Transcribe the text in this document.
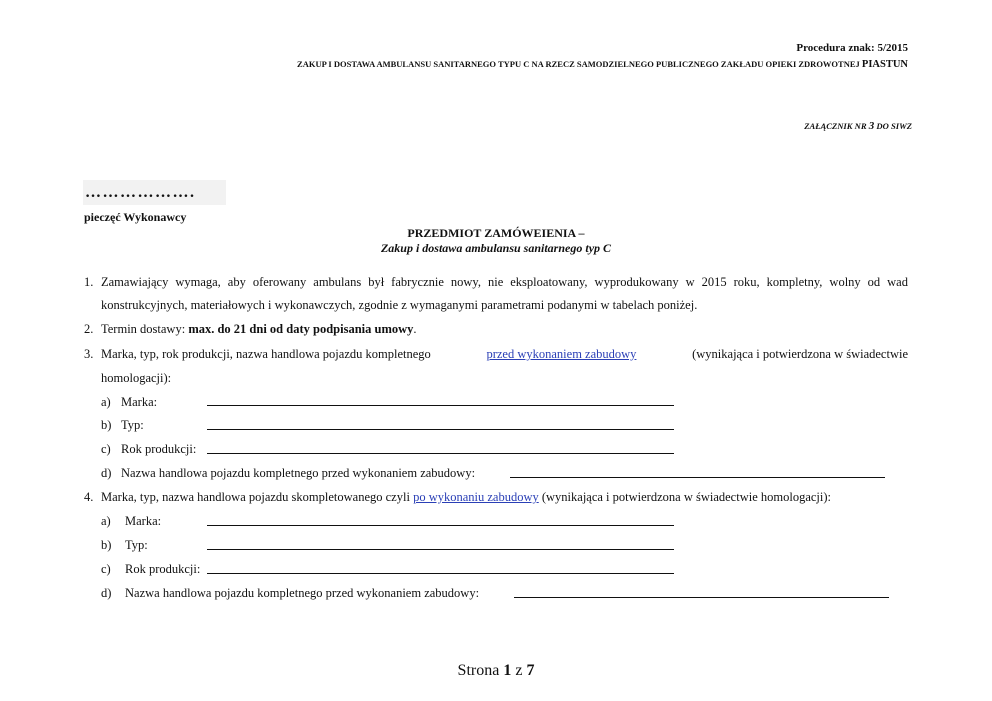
Procedura znak: 5/2015
ZAKUP I DOSTAWA AMBULANSU SANITARNEGO TYPU C NA RZECZ SAMODZIELNEGO PUBLICZNEGO ZAKŁADU OPIEKI ZDROWOTNEJ PIASTUN
ZAŁĄCZNIK NR 3 DO SIWZ
……………….
pieczęć Wykonawcy
PRZEDMIOT ZAMÓWEIENIA –
Zakup i dostawa ambulansu sanitarnego typ C
1. Zamawiający wymaga, aby oferowany ambulans był fabrycznie nowy, nie eksploatowany, wyprodukowany w 2015 roku, kompletny, wolny od wad
konstrukcyjnych, materiałowych i wykonawczych, zgodnie z wymaganymi parametrami podanymi w tabelach poniżej.
2. Termin dostawy: max. do 21 dni od daty podpisania umowy.
3. Marka, typ, rok produkcji, nazwa handlowa pojazdu kompletnego	przed wykonaniem zabudowy	(wynikająca i potwierdzona w świadectwie
homologacji):
a) Marka:
b) Typ:
c) Rok produkcji:
d) Nazwa handlowa pojazdu kompletnego przed wykonaniem zabudowy:
4. Marka, typ, nazwa handlowa pojazdu skompletowanego czyli po wykonaniu zabudowy (wynikająca i potwierdzona w świadectwie homologacji):
a) Marka:
b) Typ:
c) Rok produkcji:
d) Nazwa handlowa pojazdu kompletnego przed wykonaniem zabudowy:
Strona 1 z 7
